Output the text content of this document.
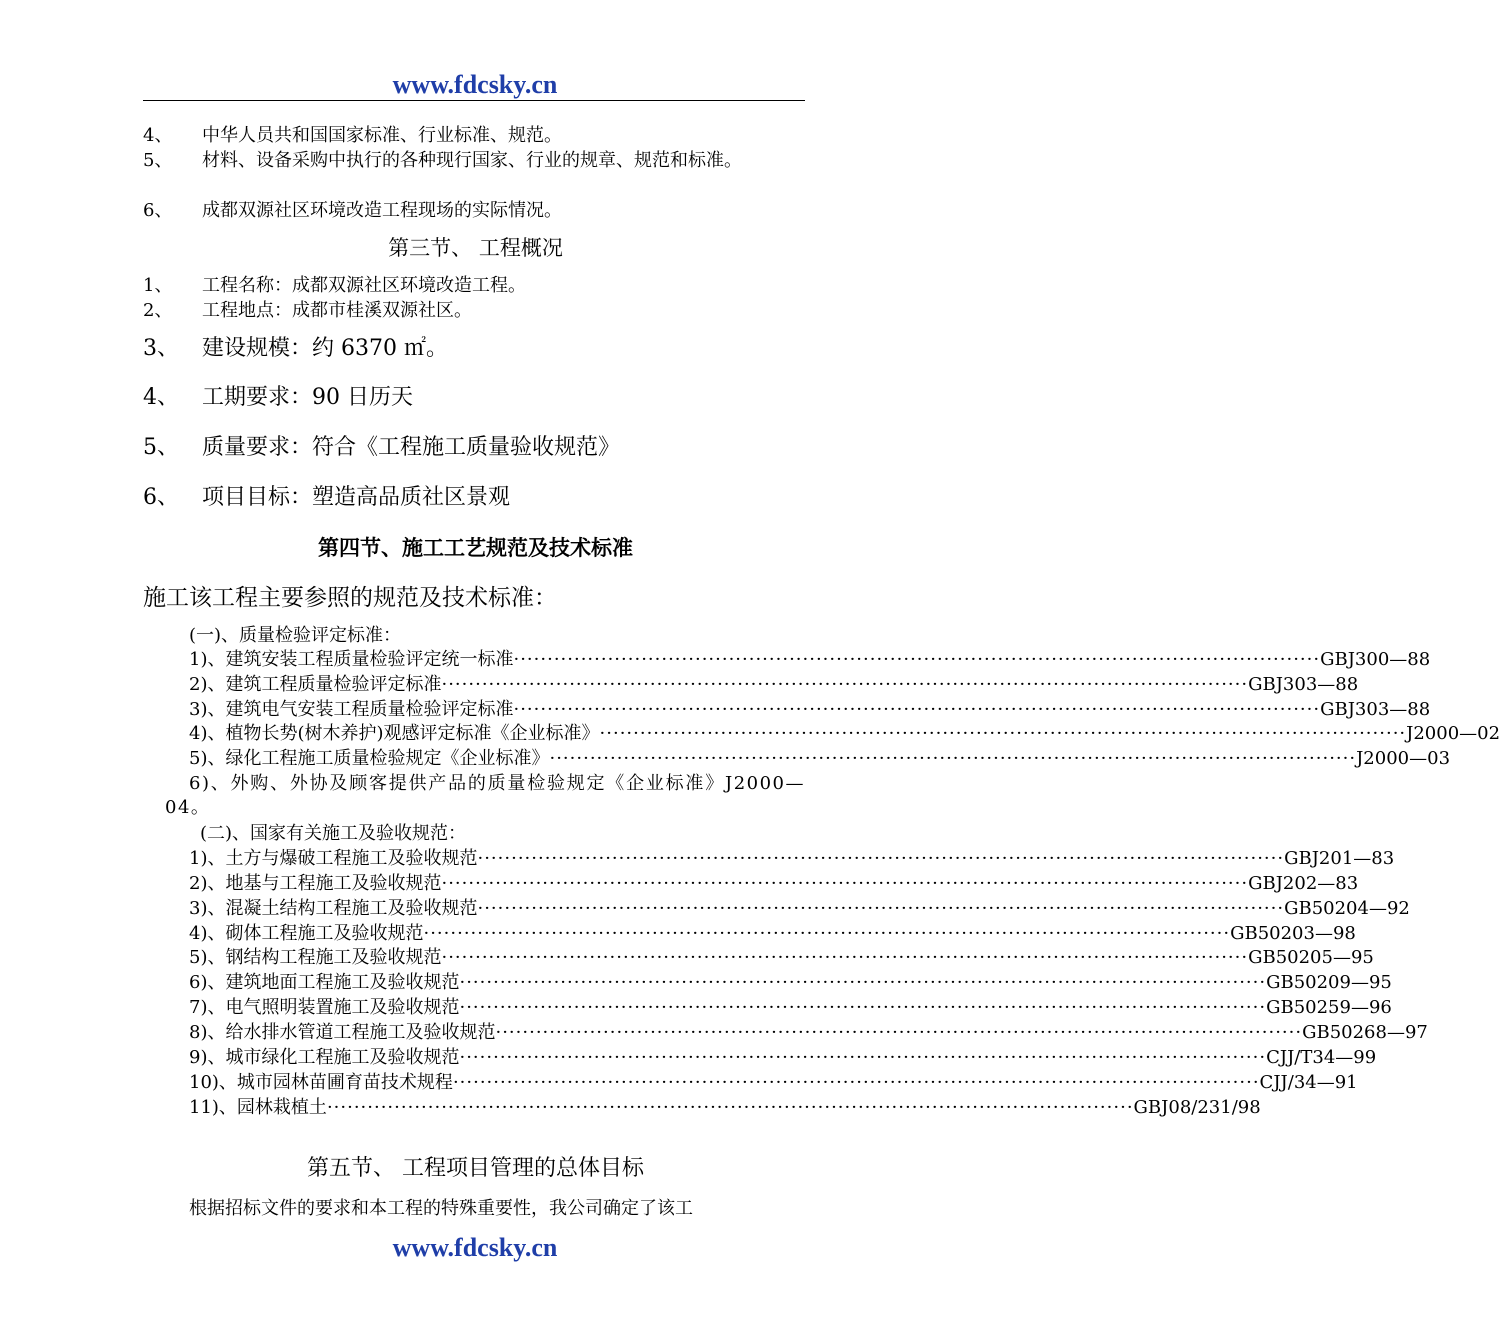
www.fdcsky.cn
4、 中华人员共和国国家标准、行业标准、规范。
5、 材料、设备采购中执行的各种现行国家、行业的规章、规范和标准。
6、 成都双源社区环境改造工程现场的实际情况。
第三节、 工程概况
1、 工程名称：成都双源社区环境改造工程。
2、 工程地点：成都市桂溪双源社区。
3、 建设规模：约 6370 ㎡。
4、 工期要求：90 日历天
5、 质量要求：符合《工程施工质量验收规范》
6、 项目目标：塑造高品质社区景观
第四节、施工工艺规范及技术标准
施工该工程主要参照的规范及技术标准：
(一)、质量检验评定标准：
1)、建筑安装工程质量检验评定统一标准 ························································································································ GBJ300—88
2)、建筑工程质量检验评定标准 ························································································································ GBJ303—88
3)、建筑电气安装工程质量检验评定标准 ························································································································ GBJ303—88
4)、植物长势(树木养护)观感评定标准《企业标准》 ························································································································ J2000—02
5)、绿化工程施工质量检验规定《企业标准》 ························································································································ J2000—03
6)、外购、外协及顾客提供产品的质量检验规定《企业标准》J2000—04。
(二)、国家有关施工及验收规范：
1)、土方与爆破工程施工及验收规范 ························································································································ GBJ201—83
2)、地基与工程施工及验收规范 ························································································································ GBJ202—83
3)、混凝土结构工程施工及验收规范 ························································································································ GB50204—92
4)、砌体工程施工及验收规范 ························································································································ GB50203—98
5)、钢结构工程施工及验收规范 ························································································································ GB50205—95
6)、建筑地面工程施工及验收规范 ························································································································ GB50209—95
7)、电气照明装置施工及验收规范 ························································································································ GB50259—96
8)、给水排水管道工程施工及验收规范 ························································································································ GB50268—97
9)、城市绿化工程施工及验收规范 ························································································································ CJJ/T34—99
10)、城市园林苗圃育苗技术规程 ························································································································ CJJ/34—91
11)、园林栽植土 ························································································································ GBJ08/231/98
第五节、 工程项目管理的总体目标
根据招标文件的要求和本工程的特殊重要性，我公司确定了该工
www.fdcsky.cn
